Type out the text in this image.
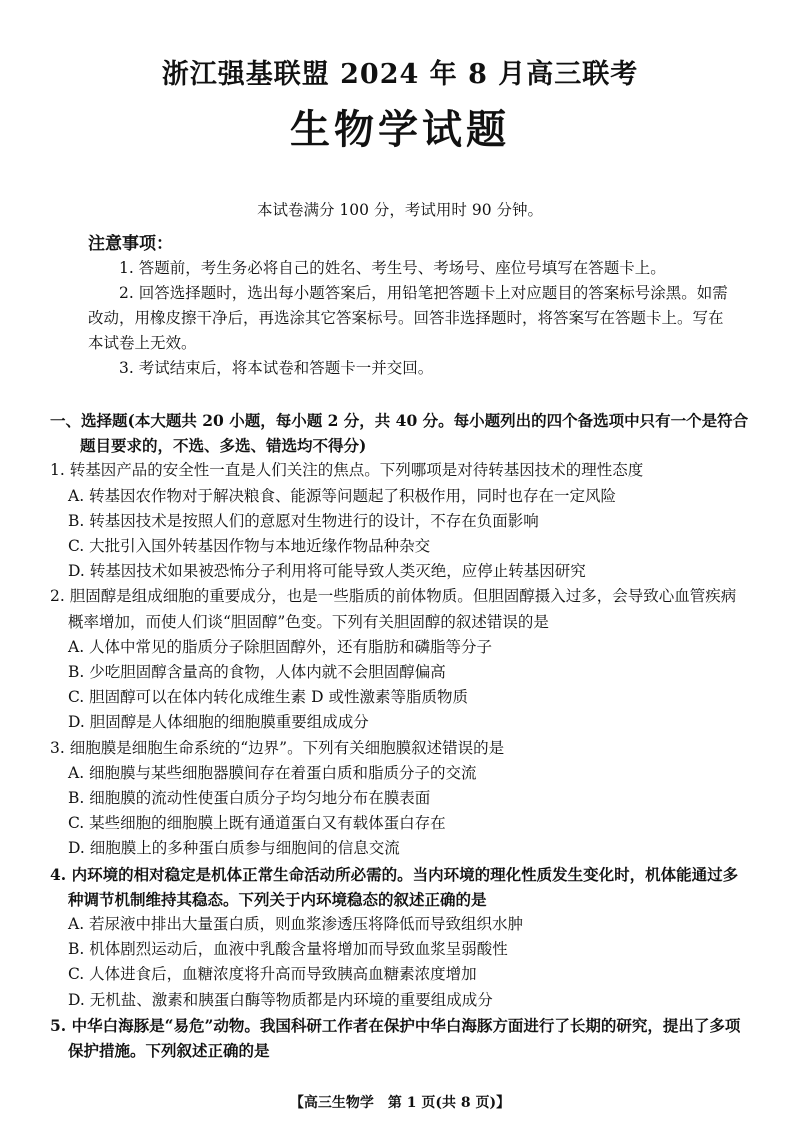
浙江强基联盟 2024 年 8 月高三联考
生物学试题
本试卷满分 100 分，考试用时 90 分钟。
注意事项：

1. 答题前，考生务必将自己的姓名、考生号、考场号、座位号填写在答题卡上。

2. 回答选择题时，选出每小题答案后，用铅笔把答题卡上对应题目的答案标号涂黑。如需改动，用橡皮擦干净后，再选涂其它答案标号。回答非选择题时，将答案写在答题卡上。写在本试卷上无效。

3. 考试结束后，将本试卷和答题卡一并交回。

一、选择题(本大题共 20 小题，每小题 2 分，共 40 分。每小题列出的四个备选项中只有一个是符合题目要求的，不选、多选、错选均不得分)
1. 转基因产品的安全性一直是人们关注的焦点。下列哪项是对待转基因技术的理性态度
A. 转基因农作物对于解决粮食、能源等问题起了积极作用，同时也存在一定风险
B. 转基因技术是按照人们的意愿对生物进行的设计，不存在负面影响
C. 大批引入国外转基因作物与本地近缘作物品种杂交
D. 转基因技术如果被恐怖分子利用将可能导致人类灭绝，应停止转基因研究
2. 胆固醇是组成细胞的重要成分，也是一些脂质的前体物质。但胆固醇摄入过多，会导致心血管疾病概率增加，而使人们谈“胆固醇”色变。下列有关胆固醇的叙述错误的是
A. 人体中常见的脂质分子除胆固醇外，还有脂肪和磷脂等分子
B. 少吃胆固醇含量高的食物，人体内就不会胆固醇偏高
C. 胆固醇可以在体内转化成维生素 D 或性激素等脂质物质
D. 胆固醇是人体细胞的细胞膜重要组成成分
3. 细胞膜是细胞生命系统的“边界”。下列有关细胞膜叙述错误的是
A. 细胞膜与某些细胞器膜间存在着蛋白质和脂质分子的交流
B. 细胞膜的流动性使蛋白质分子均匀地分布在膜表面
C. 某些细胞的细胞膜上既有通道蛋白又有载体蛋白存在
D. 细胞膜上的多种蛋白质参与细胞间的信息交流
4. 内环境的相对稳定是机体正常生命活动所必需的。当内环境的理化性质发生变化时，机体能通过多种调节机制维持其稳态。下列关于内环境稳态的叙述正确的是
A. 若尿液中排出大量蛋白质，则血浆渗透压将降低而导致组织水肿
B. 机体剧烈运动后，血液中乳酸含量将增加而导致血浆呈弱酸性
C. 人体进食后，血糖浓度将升高而导致胰高血糖素浓度增加
D. 无机盐、激素和胰蛋白酶等物质都是内环境的重要组成成分
5. 中华白海豚是“易危”动物。我国科研工作者在保护中华白海豚方面进行了长期的研究，提出了多项保护措施。下列叙述正确的是
【高三生物学　第 1 页(共 8 页)】
